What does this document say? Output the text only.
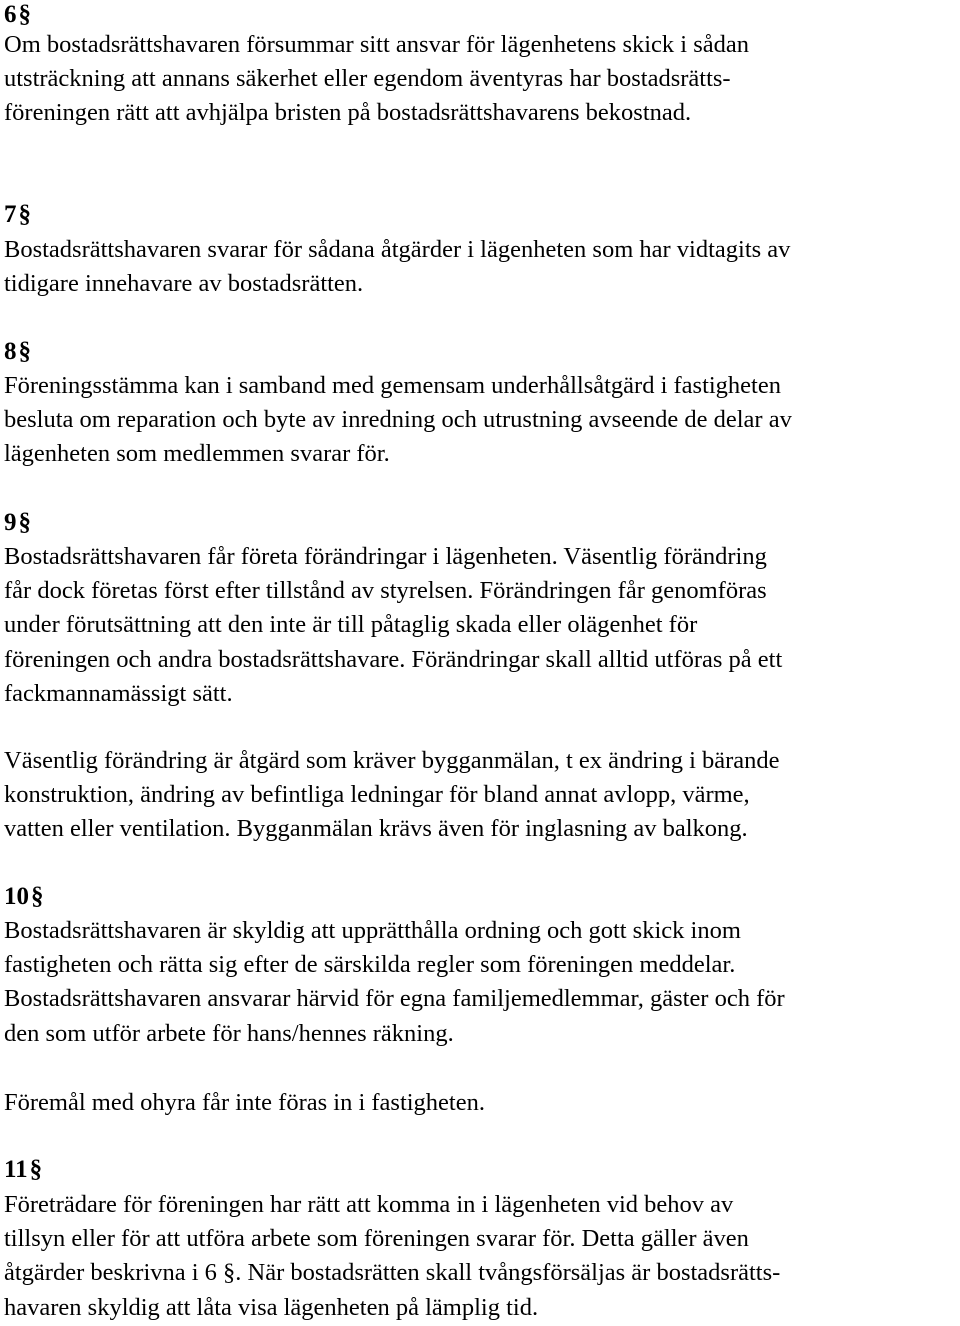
6§
Om bostadsrättshavaren försummar sitt ansvar för lägenhetens skick i sådan
utsträckning att annans säkerhet eller egendom äventyras har bostadsrätts-
föreningen rätt att avhjälpa bristen på bostadsrättshavarens bekostnad.
7§
Bostadsrättshavaren svarar för sådana åtgärder i lägenheten som har vidtagits av
tidigare innehavare av bostadsrätten.
8§
Föreningsstämma kan i samband med gemensam underhållsåtgärd i fastigheten
besluta om reparation och byte av inredning och utrustning avseende de delar av
lägenheten som medlemmen svarar för.
9§
Bostadsrättshavaren får företa förändringar i lägenheten. Väsentlig förändring
får dock företas först efter tillstånd av styrelsen. Förändringen får genomföras
under förutsättning att den inte är till påtaglig skada eller olägenhet för
föreningen och andra bostadsrättshavare. Förändringar skall alltid utföras på ett
fackmannamässigt sätt.
Väsentlig förändring är åtgärd som kräver bygganmälan, t ex ändring i bärande
konstruktion, ändring av befintliga ledningar för bland annat avlopp, värme,
vatten eller ventilation. Bygganmälan krävs även för inglasning av balkong.
10§
Bostadsrättshavaren är skyldig att upprätthålla ordning och gott skick inom
fastigheten och rätta sig efter de särskilda regler som föreningen meddelar.
Bostadsrättshavaren ansvarar härvid för egna familjemedlemmar, gäster och för
den som utför arbete för hans/hennes räkning.
Föremål med ohyra får inte föras in i fastigheten.
11§
Företrädare för föreningen har rätt att komma in i lägenheten vid behov av
tillsyn eller för att utföra arbete som föreningen svarar för. Detta gäller även
åtgärder beskrivna i 6 §. När bostadsrätten skall tvångsförsäljas är bostadsrätts-
havaren skyldig att låta visa lägenheten på lämplig tid.
